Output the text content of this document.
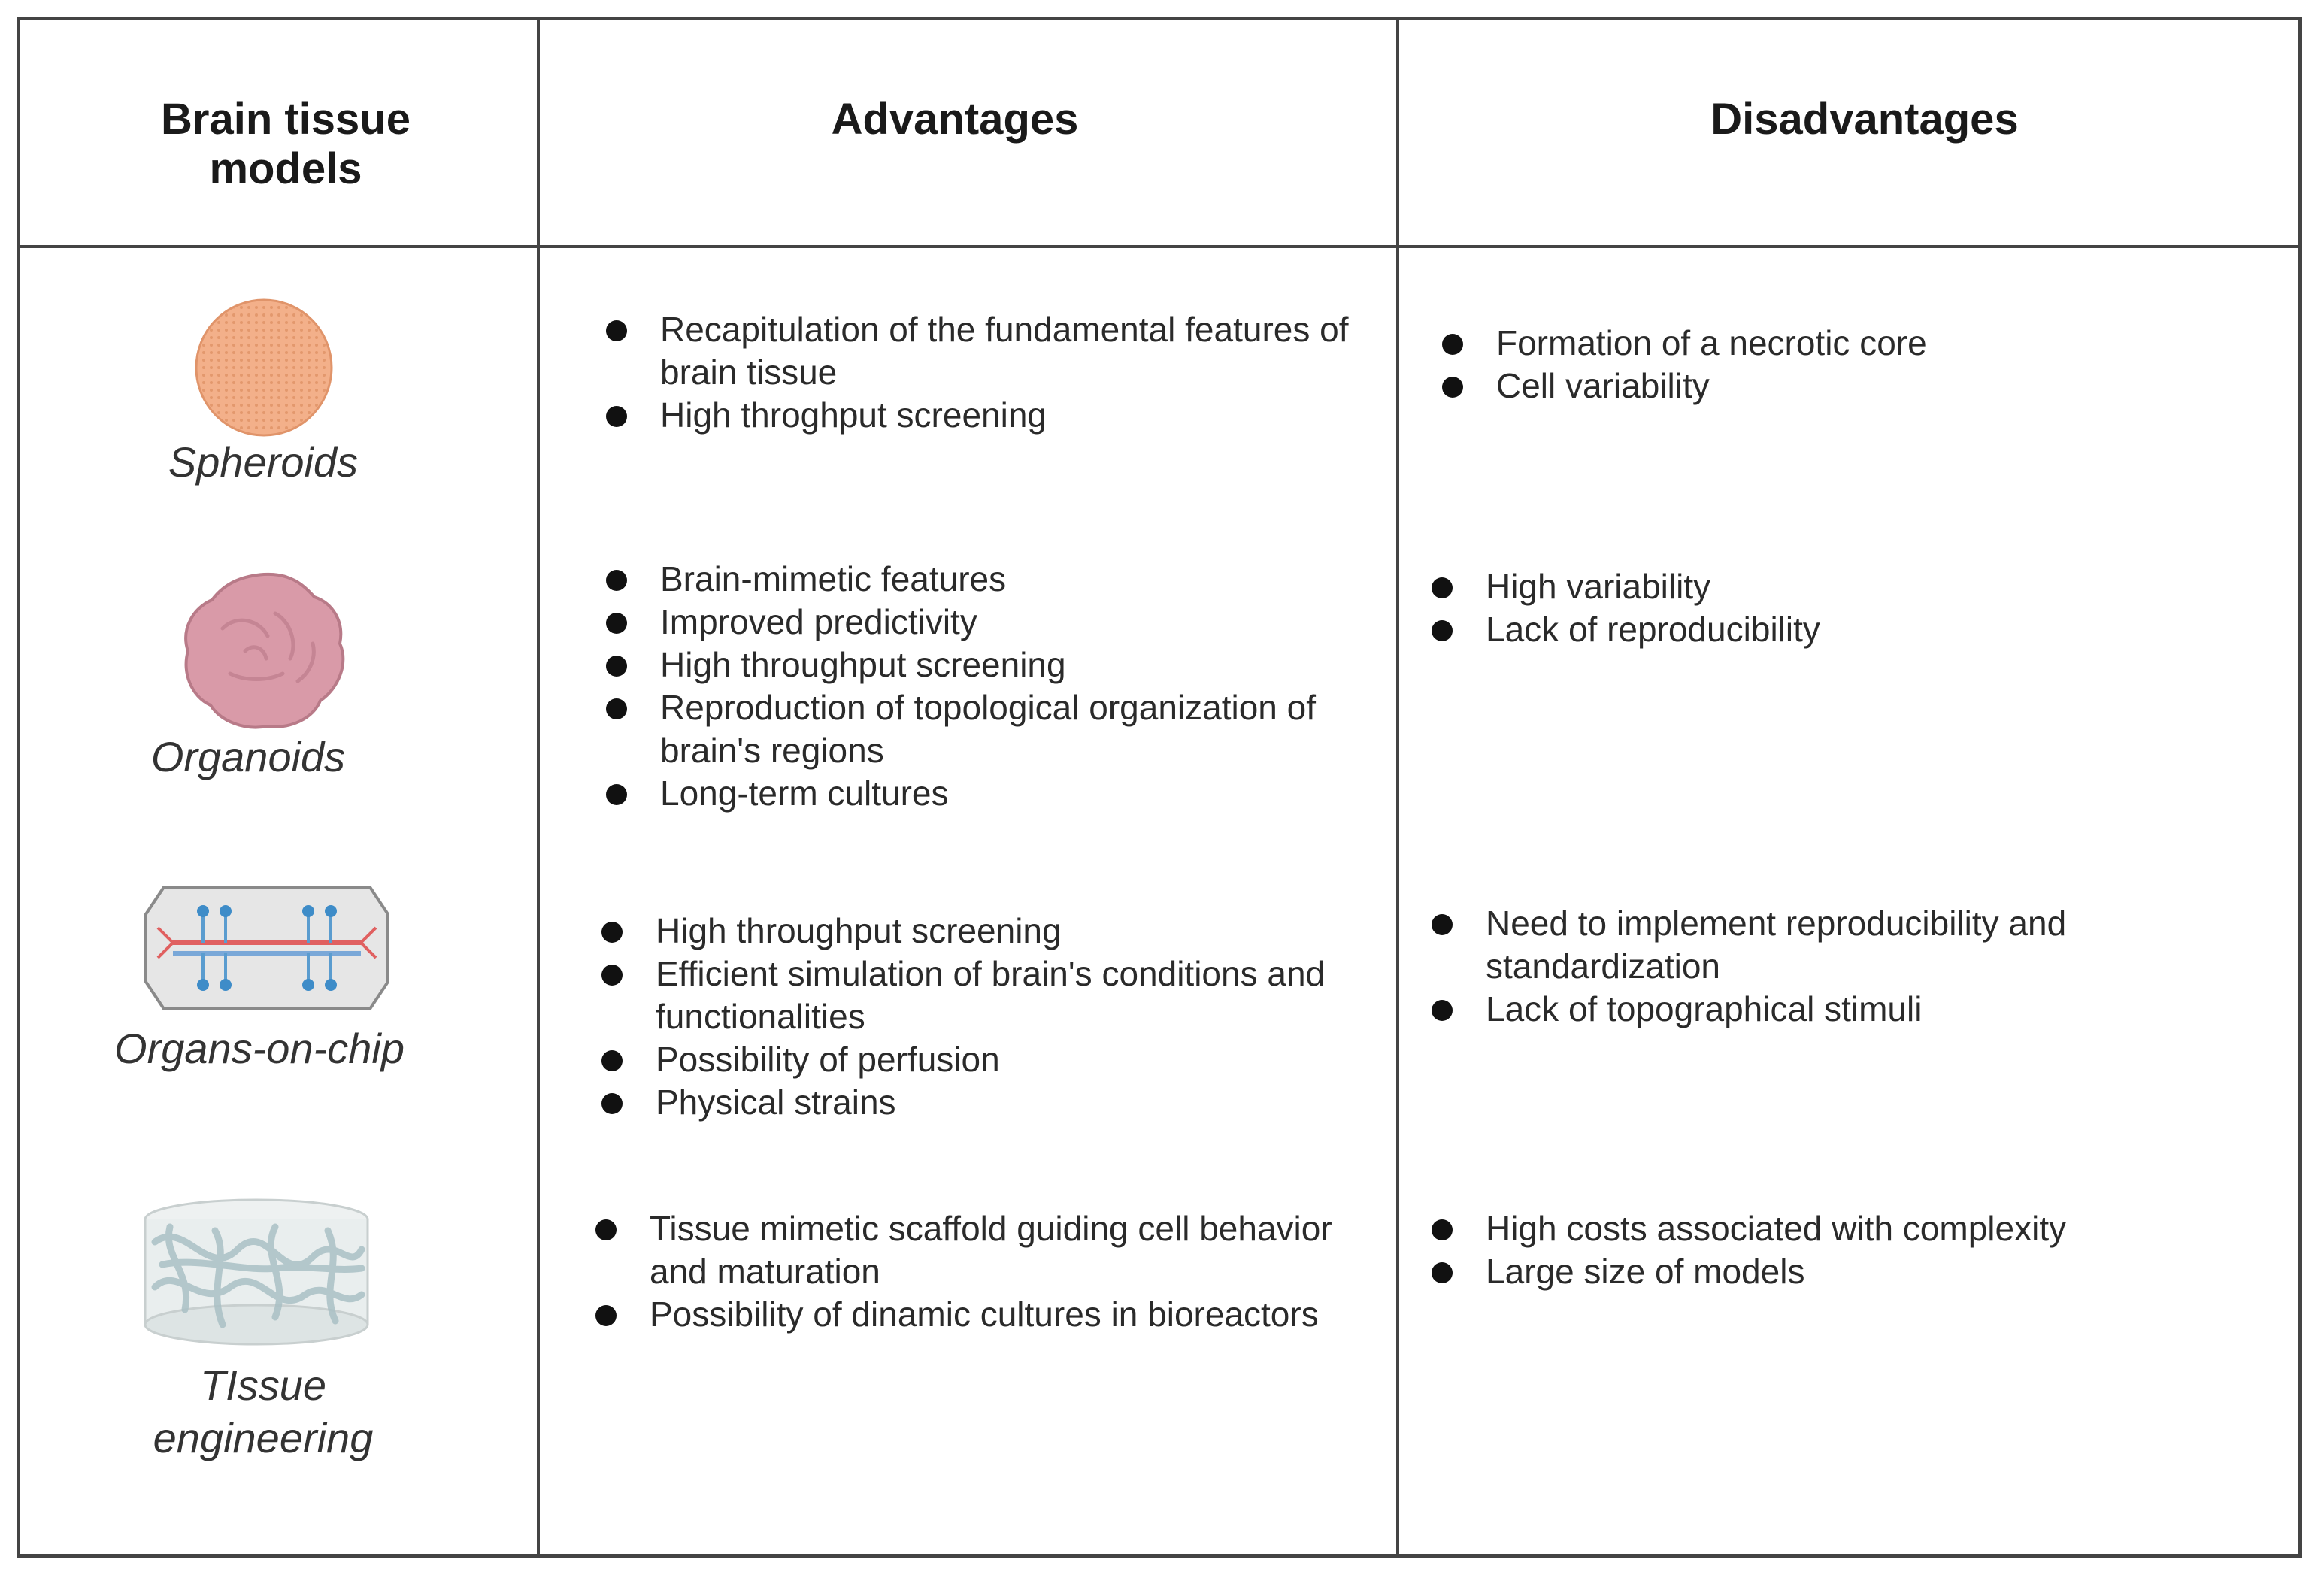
Brain tissue models
Advantages	Disadvantages
Spheroids
Recapitulation of the fundamental features of brain tissue
High throghput screening
Formation of a necrotic core
Cell variability
Organoids
Brain-mimetic features
Improved predictivity
High throughput screening
Reproduction of topological organization of brain's regions
Long-term cultures
High variability
Lack of reproducibility
Organs-on-chip
High throughput screening
Efficient simulation of brain's conditions and functionalities
Possibility of perfusion
Physical strains
Need to implement reproducibility and standardization
Lack of topographical stimuli
TIssue engineering
Tissue mimetic scaffold guiding cell behavior and maturation
Possibility of dinamic cultures in bioreactors
High costs associated with complexity
Large size of models
